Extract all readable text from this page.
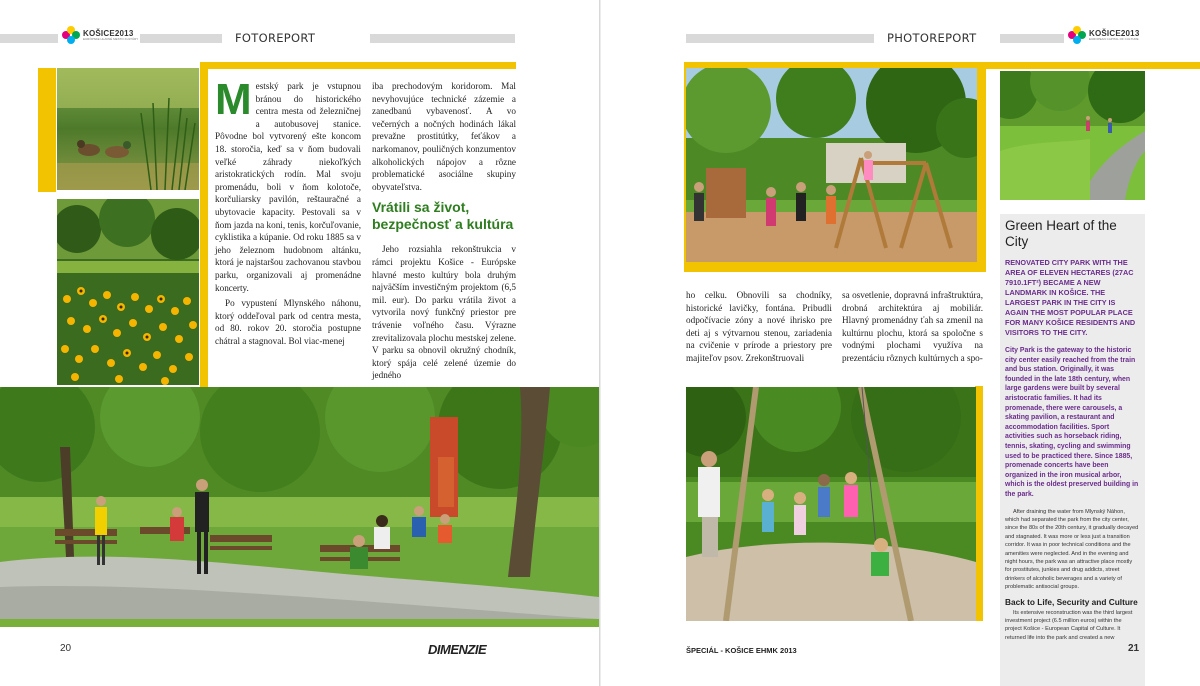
KOŠICE2013
EURÓPSKE HLAVNÉ MESTO KULTÚRY	FOTOREPORT	PHOTOREPORT	KOŠICE2013
EUROPEAN CAPITAL OF CULTURE

Mestský park je vstupnou bránou do historického centra mesta od železničnej a autobusovej stanice. Pôvodne bol vytvorený ešte koncom 18. storočia, keď sa v ňom budovali veľké záhrady niekoľkých aristokratických rodín. Mal svoju promenádu, boli v ňom kolotoče, korčuliarsky pavilón, reštauračné a ubytovacie kapacity. Pestovali sa v ňom jazda na koni, tenis, korčuľovanie, cyklistika a kúpanie. Od roku 1885 sa v jeho železnom hudobnom altánku, ktorá je najstaršou zachovanou stavbou parku, organizovali aj promenádne koncerty.

Po vypustení Mlynského náhonu, ktorý oddeľoval park od centra mesta, od 80. rokov 20. storočia postupne chátral a stagnoval. Bol viac-menej

iba prechodovým koridorom. Mal nevyhovujúce technické zázemie a zanedbanú vybavenosť. A vo večerných a nočných hodinách lákal prevažne prostitútky, feťákov a narkomanov, pouličných konzumentov alkoholických nápojov a rôzne problematické asociálne skupiny obyvateľstva.

Vrátili sa život, bezpečnosť a kultúra

Jeho rozsiahla rekonštrukcia v rámci projektu Košice - Európske hlavné mesto kultúry bola druhým najväčším investičným projektom (6,5 mil. eur). Do parku vrátila život a vytvorila nový funkčný priestor pre trávenie voľného času. Výrazne zrevitalizovala plochu mestskej zelene. V parku sa obnovil okružný chodník, ktorý spája celé zelené územie do jedného

ho celku. Obnovili sa chodníky, historické lavičky, fontána. Pribudli odpočívacie zóny a nové ihrisko pre deti aj s výtvarnou stenou, zariadenia na cvičenie v prírode a priestory pre majiteľov psov. Zrekonštruovali

sa osvetlenie, dopravná infraštruktúra, drobná architektúra aj mobiliár. Hlavný promenádny ťah sa zmenil na kultúrnu plochu, ktorá sa spoločne s vodnými plochami využíva na prezentáciu rôznych kultúrnych a spo-

Green Heart of the City
RENOVATED CITY PARK WITH THE AREA OF ELEVEN HECTARES (27AC 7910.1FT²) BECAME A NEW LANDMARK IN KOŠICE. THE LARGEST PARK IN THE CITY IS AGAIN THE MOST POPULAR PLACE FOR MANY KOŠICE RESIDENTS AND VISITORS TO THE CITY.
City Park is the gateway to the historic city center easily reached from the train and bus station. Originally, it was founded in the late 18th century, when large gardens were built by several aristocratic families. It had its promenade, there were carousels, a skating pavilion, a restaurant and accommodation facilities. Sport activities such as horseback riding, tennis, skating, cycling and swimming used to be practiced there. Since 1885, promenade concerts have been organized in the iron musical arbor, which is the oldest preserved building in the park.
After draining the water from Mlynský Náhon, which had separated the park from the city center, since the 80s of the 20th century, it gradually decayed and stagnated. It was more or less just a transition corridor. It was in poor technical conditions and the amenities were neglected. And in the evening and night hours, the park was an attractive place mostly for prostitutes, junkies and drug addicts, street drinkers of alcoholic beverages and a variety of problematic antisocial groups.
Back to Life, Security and Culture
Its extensive reconstruction was the third largest investment project (6.5 million euros) within the project Košice - European Capital of Culture. It returned life into the park and created a new
20	DIMENZIE	ŠPECIÁL - KOŠICE EHMK 2013	21
